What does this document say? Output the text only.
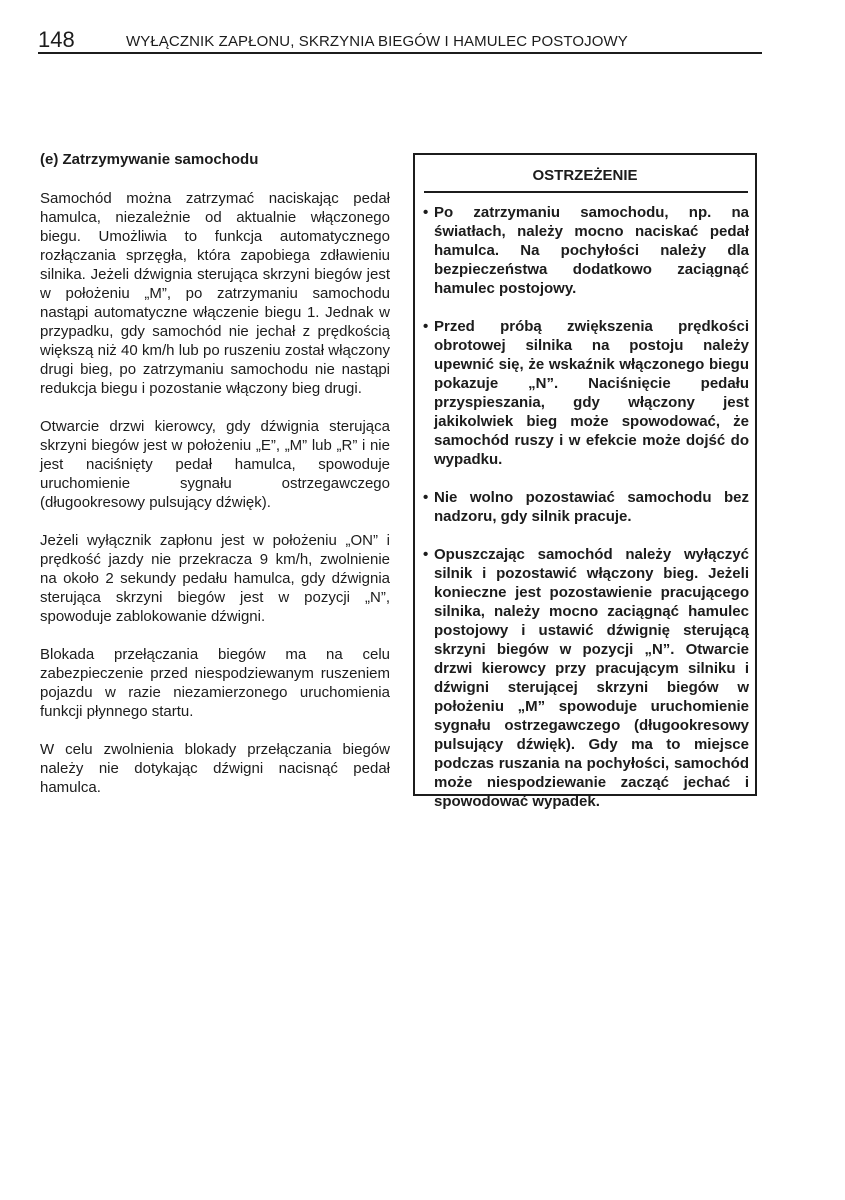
148	WYŁĄCZNIK ZAPŁONU, SKRZYNIA BIEGÓW I HAMULEC POSTOJOWY
(e) Zatrzymywanie samochodu

Samochód można zatrzymać naciskając pedał hamulca, niezależnie od aktualnie włączonego biegu. Umożliwia to funkcja automatycznego rozłączania sprzęgła, która zapobiega zdławieniu silnika. Jeżeli dźwignia sterująca skrzyni biegów jest w położeniu „M”, po zatrzymaniu samochodu nastąpi automatyczne włączenie biegu 1. Jednak w przypadku, gdy samochód nie jechał z prędkością większą niż 40 km/h lub po ruszeniu został włączony drugi bieg, po zatrzymaniu samochodu nie nastąpi redukcja biegu i pozostanie włączony bieg drugi.

Otwarcie drzwi kierowcy, gdy dźwignia sterująca skrzyni biegów jest w położeniu „E”, „M” lub „R” i nie jest naciśnięty pedał hamulca, spowoduje uruchomienie sygnału ostrzegawczego (długookresowy pulsujący dźwięk).

Jeżeli wyłącznik zapłonu jest w położeniu „ON” i prędkość jazdy nie przekracza 9 km/h, zwolnienie na około 2 sekundy pedału hamulca, gdy dźwignia sterująca skrzyni biegów jest w pozycji „N”, spowoduje zablokowanie dźwigni.

Blokada przełączania biegów ma na celu zabezpieczenie przed niespodziewanym ruszeniem pojazdu w razie niezamierzonego uruchomienia funkcji płynnego startu.

W celu zwolnienia blokady przełączania biegów należy nie dotykając dźwigni nacisnąć pedał hamulca.

OSTRZEŻENIE
• Po zatrzymaniu samochodu, np. na światłach, należy mocno naciskać pedał hamulca. Na pochyłości należy dla bezpieczeństwa dodatkowo zaciągnąć hamulec postojowy.
• Przed próbą zwiększenia prędkości obrotowej silnika na postoju należy upewnić się, że wskaźnik włączonego biegu pokazuje „N”. Naciśnięcie pedału przyspieszania, gdy włączony jest jakikolwiek bieg może spowodować, że samochód ruszy i w efekcie może dojść do wypadku.
• Nie wolno pozostawiać samochodu bez nadzoru, gdy silnik pracuje.
• Opuszczając samochód należy wyłączyć silnik i pozostawić włączony bieg. Jeżeli konieczne jest pozostawienie pracującego silnika, należy mocno zaciągnąć hamulec postojowy i ustawić dźwignię sterującą skrzyni biegów w pozycji „N”. Otwarcie drzwi kierowcy przy pracującym silniku i dźwigni sterującej skrzyni biegów w położeniu „M” spowoduje uruchomienie sygnału ostrzegawczego (długookresowy pulsujący dźwięk). Gdy ma to miejsce podczas ruszania na pochyłości, samochód może niespodziewanie zacząć jechać i spowodować wypadek.
